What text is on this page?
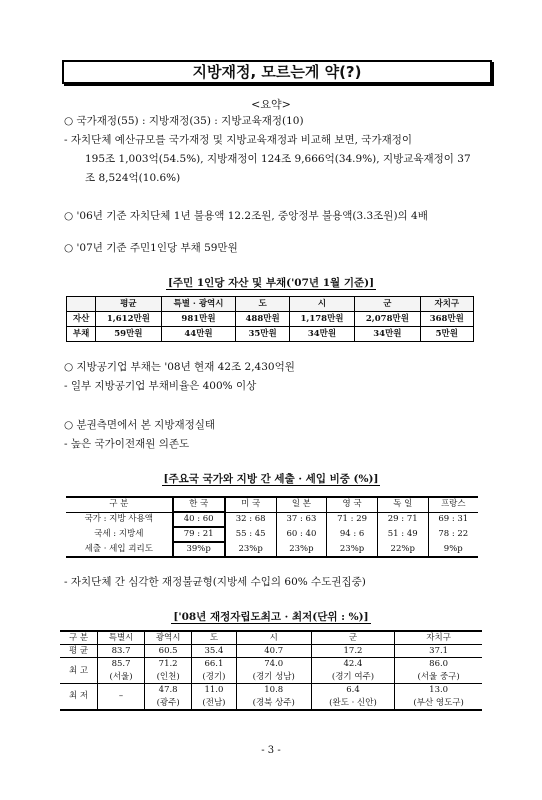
지방재정, 모르는게 약(?)
<요약>
○ 국가재정(55) : 지방재정(35) : 지방교육재정(10)
- 자치단체 예산규모를 국가재정 및 지방교육재정과 비교해 보면, 국가재정이
195조 1,003억(54.5%), 지방재정이 124조 9,666억(34.9%), 지방교육재정이 37
조 8,524억(10.6%)
○ '06년 기준 자치단체 1년 불용액 12.2조원, 중앙정부 불용액(3.3조원)의 4배
○ '07년 기준 주민1인당 부채 59만원
[주민 1인당 자산 및 부채('07년 1월 기준)]
	평균	특별 · 광역시	도	시	군	자치구
자산	1,612만원	981만원	488만원	1,178만원	2,078만원	368만원
부채	59만원	44만원	35만원	34만원	34만원	5만원
○ 지방공기업 부채는 '08년 현재 42조 2,430억원
- 일부 지방공기업 부채비율은 400% 이상
○ 분권측면에서 본 지방재정실태
- 높은 국가이전재원 의존도
[주요국 국가와 지방 간 세출 · 세입 비중 (%)]
구 분	한 국	미 국	일 본	영 국	독 일	프랑스
국가 : 지방 사용액	40 : 60	32 : 68	37 : 63	71 : 29	29 : 71	69 : 31
국세 : 지방세	79 : 21	55 : 45	60 : 40	94 : 6	51 : 49	78 : 22
세출 · 세입 괴리도	39%p	23%p	23%p	23%p	22%p	9%p
- 자치단체 간 심각한 재정불균형(지방세 수입의 60% 수도권집중)
['08년 재정자립도최고 · 최저(단위 : %)]
구 분	특별시	광역시	도	시	군	자치구
평 균	83.7	60.5	35.4	40.7	17.2	37.1
최 고	85.7	71.2	66.1	74.0	42.4	86.0
	(서울)	(인천)	(경기)	(경기 성남)	(경기 여주)	(서울 중구)
최 저	–	47.8	11.0	10.8	6.4	13.0
		(광주)	(전남)	(경북 상주)	(완도 · 신안)	(부산 영도구)
- 3 -
